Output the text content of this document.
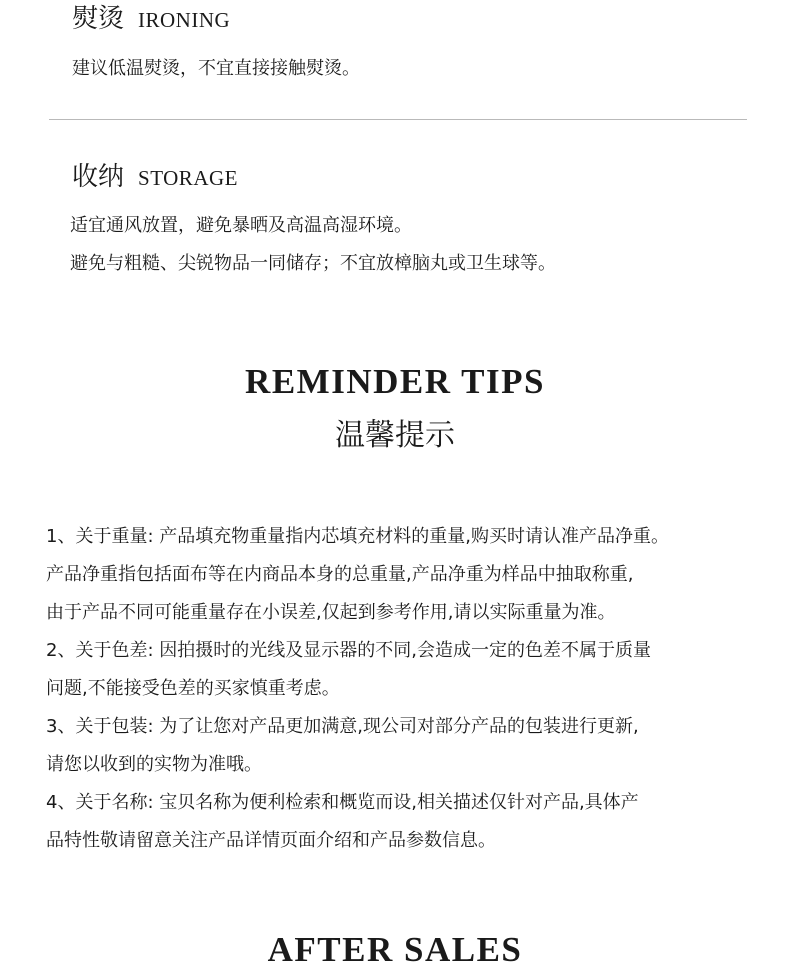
熨烫 IRONING
建议低温熨烫，不宜直接接触熨烫。
收纳 STORAGE
适宜通风放置，避免暴晒及高温高湿环境。
避免与粗糙、尖锐物品一同储存；不宜放樟脑丸或卫生球等。
REMINDER TIPS
温馨提示
1、关于重量: 产品填充物重量指内芯填充材料的重量,购买时请认准产品净重。
产品净重指包括面布等在内商品本身的总重量,产品净重为样品中抽取称重,
由于产品不同可能重量存在小误差,仅起到参考作用,请以实际重量为准。
2、关于色差: 因拍摄时的光线及显示器的不同,会造成一定的色差不属于质量
问题,不能接受色差的买家慎重考虑。
3、关于包装: 为了让您对产品更加满意,现公司对部分产品的包装进行更新,
请您以收到的实物为准哦。
4、关于名称: 宝贝名称为便利检索和概览而设,相关描述仅针对产品,具体产
品特性敬请留意关注产品详情页面介绍和产品参数信息。
AFTER SALES
